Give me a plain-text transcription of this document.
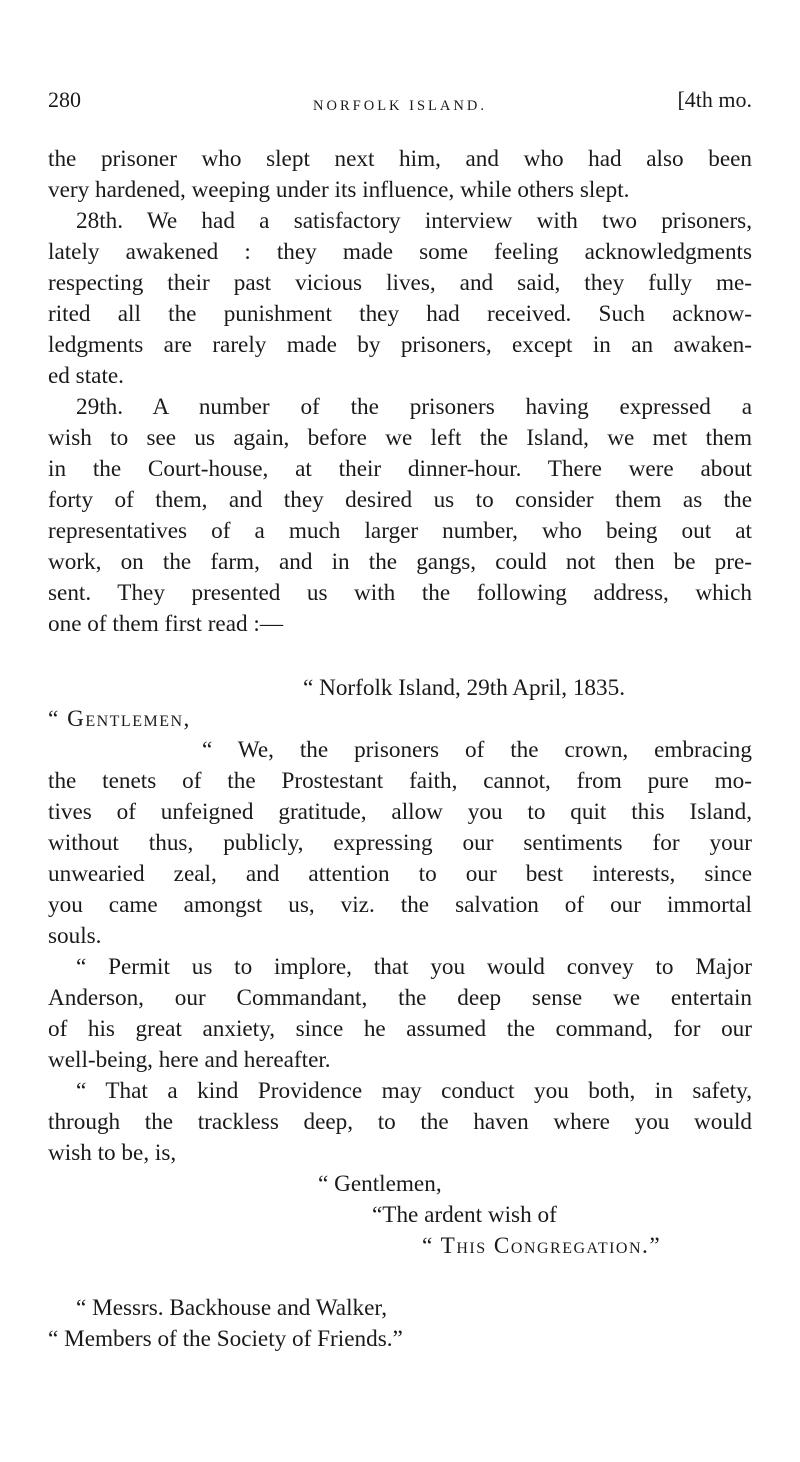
280	NORFOLK ISLAND.	[4th mo.
the prisoner who slept next him, and who had also been
very hardened, weeping under its influence, while others slept.
28th. We had a satisfactory interview with two prisoners,
lately awakened : they made some feeling acknowledgments
respecting their past vicious lives, and said, they fully me-
rited all the punishment they had received. Such acknow-
ledgments are rarely made by prisoners, except in an awaken-
ed state.
29th. A number of the prisoners having expressed a
wish to see us again, before we left the Island, we met them
in the Court-house, at their dinner-hour. There were about
forty of them, and they desired us to consider them as the
representatives of a much larger number, who being out at
work, on the farm, and in the gangs, could not then be pre-
sent. They presented us with the following address, which
one of them first read :—
“ Norfolk Island, 29th April, 1835.
“ Gentlemen,
“ We, the prisoners of the crown, embracing
the tenets of the Prostestant faith, cannot, from pure mo-
tives of unfeigned gratitude, allow you to quit this Island,
without thus, publicly, expressing our sentiments for your
unwearied zeal, and attention to our best interests, since
you came amongst us, viz. the salvation of our immortal
souls.
“ Permit us to implore, that you would convey to Major
Anderson, our Commandant, the deep sense we entertain
of his great anxiety, since he assumed the command, for our
well-being, here and hereafter.
“ That a kind Providence may conduct you both, in safety,
through the trackless deep, to the haven where you would
wish to be, is,
“ Gentlemen,
“The ardent wish of
“ This Congregation.”
“ Messrs. Backhouse and Walker,
“ Members of the Society of Friends.”
